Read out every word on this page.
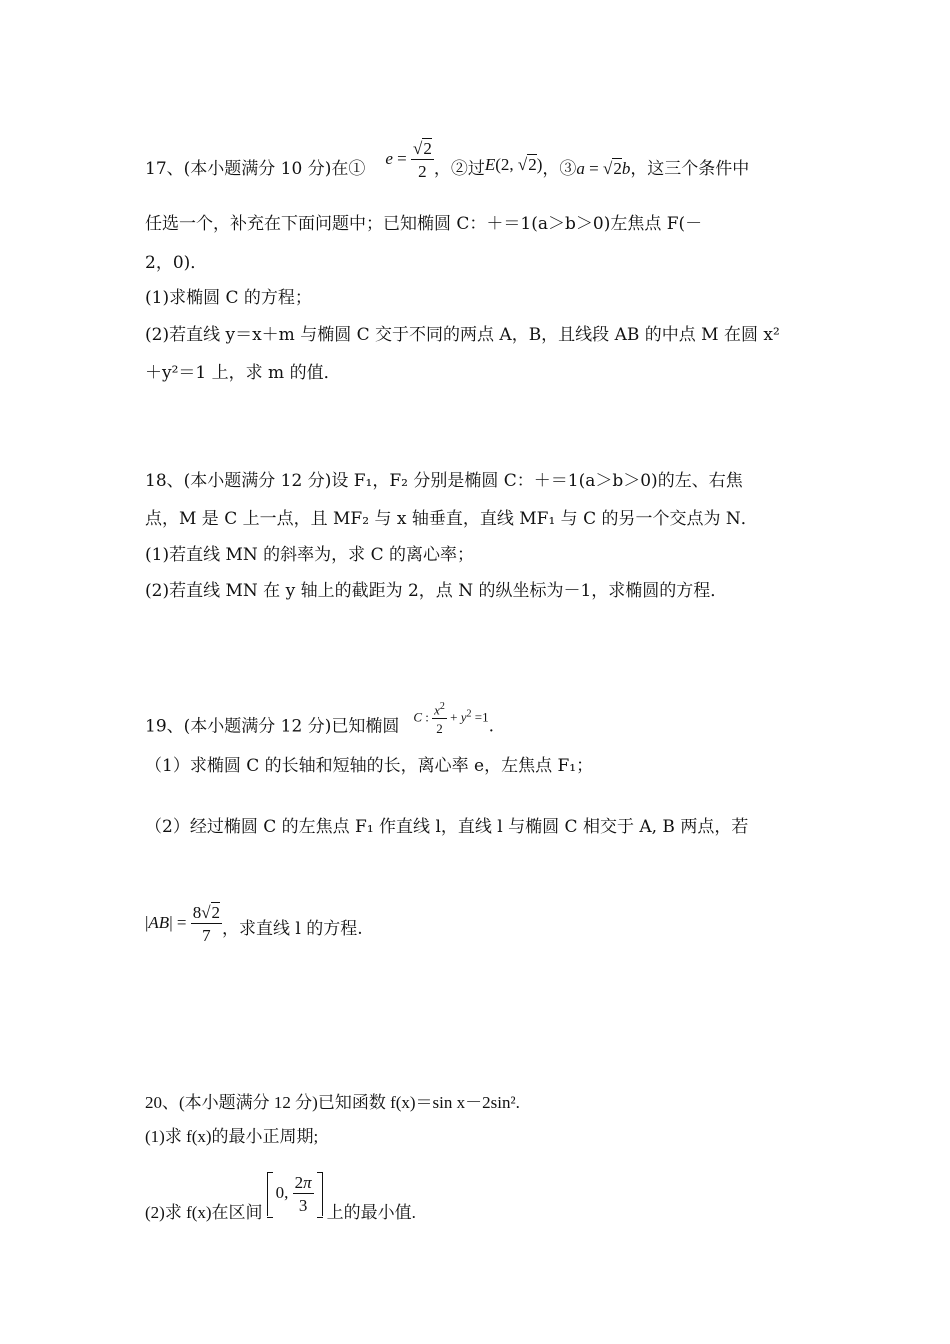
17、(本小题满分 10 分)在①e = $\frac{√2}{2}$ ，②过E(2, √2)，③a = √2b，这三个条件中
任选一个，补充在下面问题中；已知椭圆 C：＋＝1(a＞b＞0)左焦点 F(－
2，0)．
(1)求椭圆 C 的方程；
(2)若直线 y＝x＋m 与椭圆 C 交于不同的两点 A，B，且线段 AB 的中点 M 在圆 x²
＋y²＝1 上，求 m 的值．
18、(本小题满分 12 分)设 F₁，F₂ 分别是椭圆 C：＋＝1(a＞b＞0)的左、右焦
点，M 是 C 上一点，且 MF₂ 与 x 轴垂直，直线 MF₁ 与 C 的另一个交点为 N．
(1)若直线 MN 的斜率为，求 C 的离心率；
(2)若直线 MN 在 y 轴上的截距为 2，点 N 的纵坐标为－1，求椭圆的方程．
19、(本小题满分 12 分)已知椭圆 C : $\frac{x^2}{2} + y^2 =1$.
（1）求椭圆 C 的长轴和短轴的长，离心率 e，左焦点 F₁；
（2）经过椭圆 C 的左焦点 F₁ 作直线 l，直线 l 与椭圆 C 相交于 A, B 两点，若
$|AB| = \frac{8√2}{7}$ ，求直线 l 的方程.
20、(本小题满分 12 分)已知函数 f(x)＝sin x－2sin².
(1)求 f(x)的最小正周期;
(2)求 f(x)在区间0, $\frac{2\pi}{3}$ 上的最小值.
